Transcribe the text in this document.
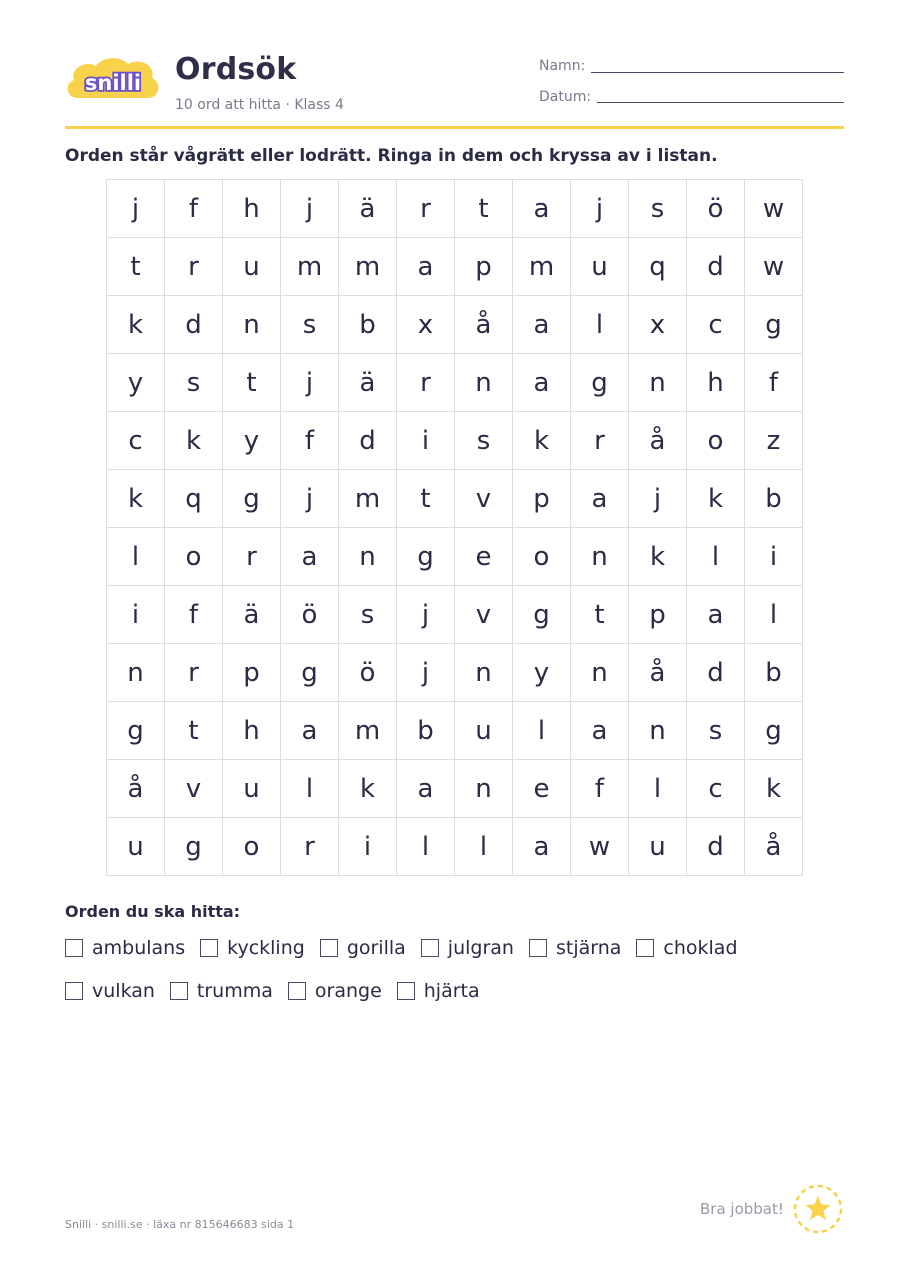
snilli Ordsök
10 ord att hitta · Klass 4
Namn:
Datum:
Orden står vågrätt eller lodrätt. Ringa in dem och kryssa av i listan.
j	f	h	j	ä	r	t	a	j	s	ö	w
t	r	u	m	m	a	p	m	u	q	d	w
k	d	n	s	b	x	å	a	l	x	c	g
y	s	t	j	ä	r	n	a	g	n	h	f
c	k	y	f	d	i	s	k	r	å	o	z
k	q	g	j	m	t	v	p	a	j	k	b
l	o	r	a	n	g	e	o	n	k	l	i
i	f	ä	ö	s	j	v	g	t	p	a	l
n	r	p	g	ö	j	n	y	n	å	d	b
g	t	h	a	m	b	u	l	a	n	s	g
å	v	u	l	k	a	n	e	f	l	c	k
u	g	o	r	i	l	l	a	w	u	d	å
Orden du ska hitta:
ambulans kyckling gorilla julgran stjärna choklad
vulkan trumma orange hjärta
Snilli · snilli.se · läxa nr 815646683 sida 1
Bra jobbat!
